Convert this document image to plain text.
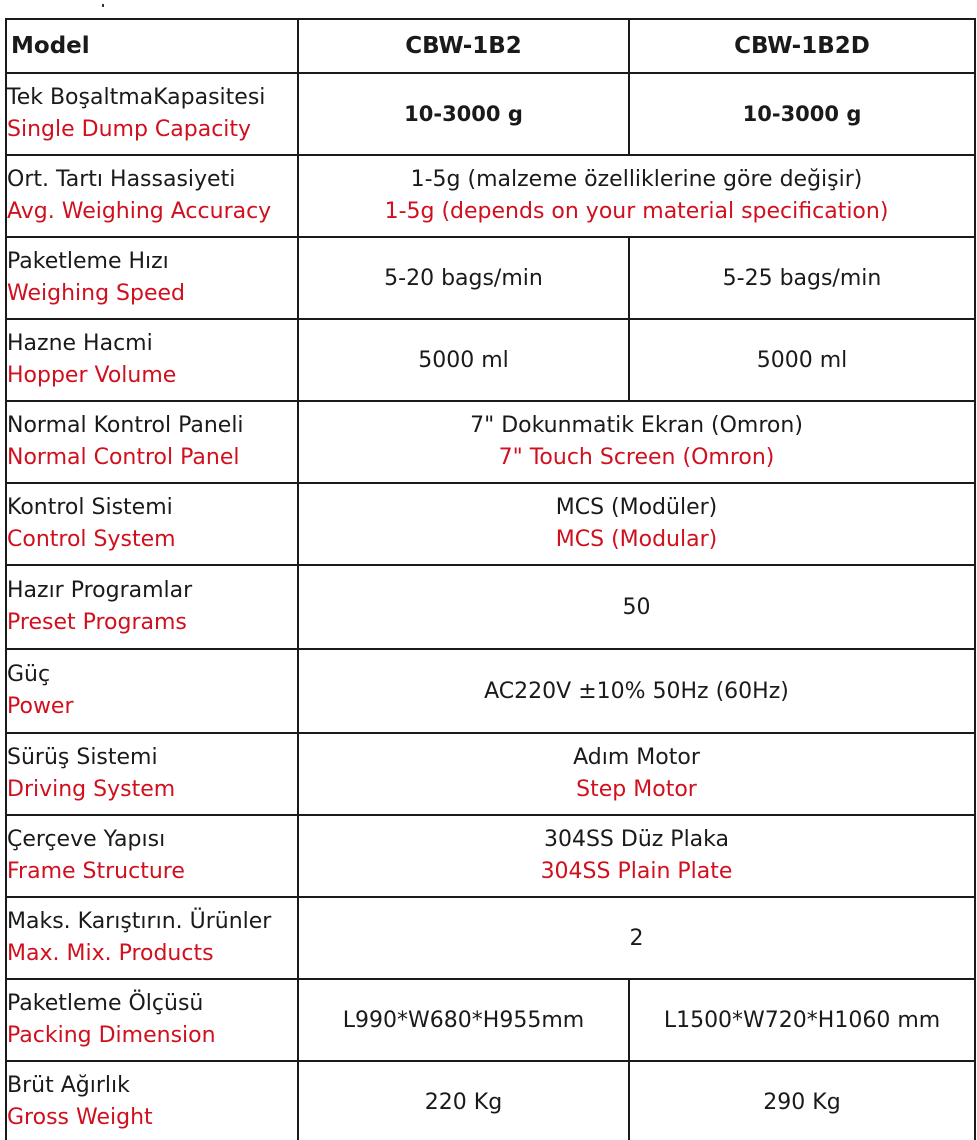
Model	CBW-1B2	CBW-1B2D

Tek BoşaltmaKapasitesi
Single Dump Capacity	10-3000 g	10-3000 g

Ort. Tartı Hassasiyeti
Avg. Weighing Accuracy	1-5g (malzeme özelliklerine göre değişir)
1-5g (depends on your material specification)	

Paketleme Hızı
Weighing Speed	5-20 bags/min	5-25 bags/min

Hazne Hacmi
Hopper Volume	5000 ml	5000 ml

Normal Kontrol Paneli
Normal Control Panel	7" Dokunmatik Ekran (Omron)
7" Touch Screen (Omron)	

Kontrol Sistemi
Control System	MCS (Modüler)
MCS (Modular)	

Hazır Programlar
Preset Programs	50	

Güç
Power	AC220V ±10% 50Hz (60Hz)	

Sürüş Sistemi
Driving System	Adım Motor
Step Motor	

Çerçeve Yapısı
Frame Structure	304SS Düz Plaka
304SS Plain Plate	

Maks. Karıştırın. Ürünler
Max. Mix. Products	2	

Paketleme Ölçüsü
Packing Dimension	L990*W680*H955mm	L1500*W720*H1060 mm

Brüt Ağırlık
Gross Weight	220 Kg	290 Kg
